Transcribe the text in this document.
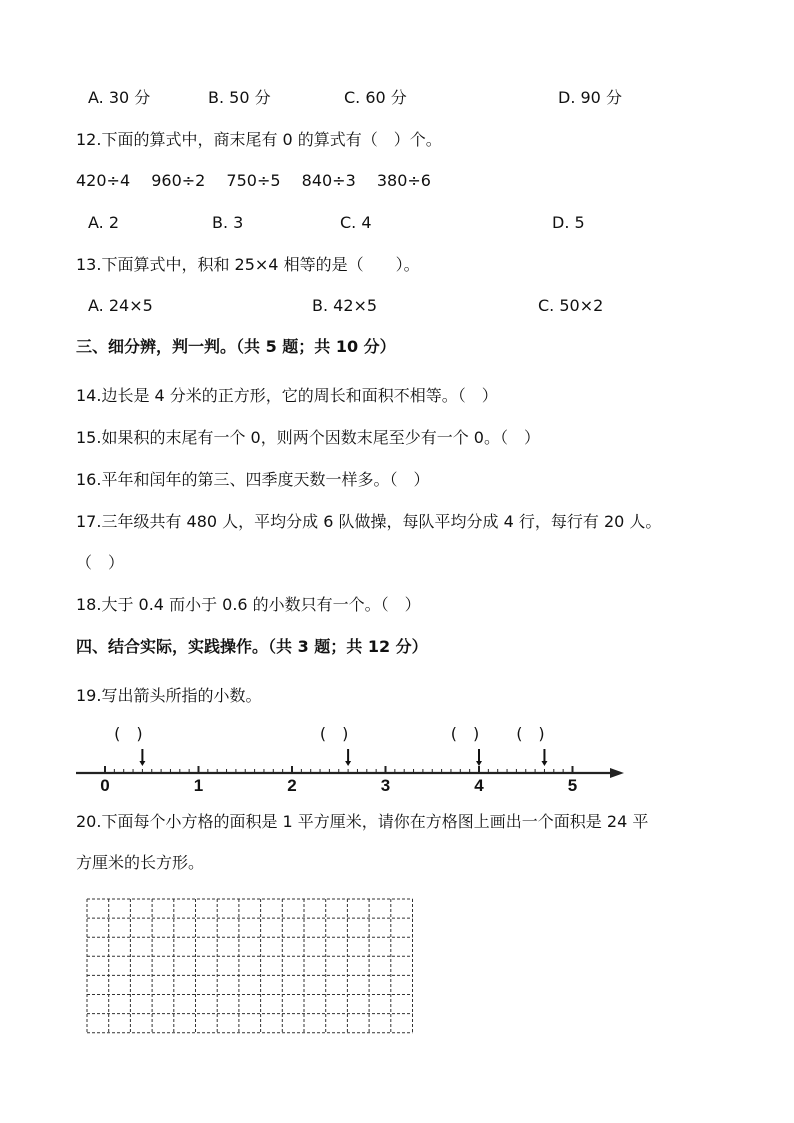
A. 30 分	B. 50 分	C. 60 分	D. 90 分
12.下面的算式中，商末尾有 0 的算式有（　）个。
420÷4　 960÷2　 750÷5　 840÷3　 380÷6
A. 2	B. 3	C. 4	D. 5
13.下面算式中，积和 25×4 相等的是（　　）。
A. 24×5	B. 42×5	C. 50×2
三、细分辨，判一判。（共 5 题；共 10 分）
14.边长是 4 分米的正方形，它的周长和面积不相等。（　）
15.如果积的末尾有一个 0，则两个因数末尾至少有一个 0。（　）
16.平年和闰年的第三、四季度天数一样多。（　）
17.三年级共有 480 人，平均分成 6 队做操，每队平均分成 4 行，每行有 20 人。
（　）
18.大于 0.4 而小于 0.6 的小数只有一个。（　）
四、结合实际，实践操作。（共 3 题；共 12 分）
19.写出箭头所指的小数。
0	1	2	3	4	5
(　)	(　)	(　) (　)
20.下面每个小方格的面积是 1 平方厘米，请你在方格图上画出一个面积是 24 平
方厘米的长方形。
